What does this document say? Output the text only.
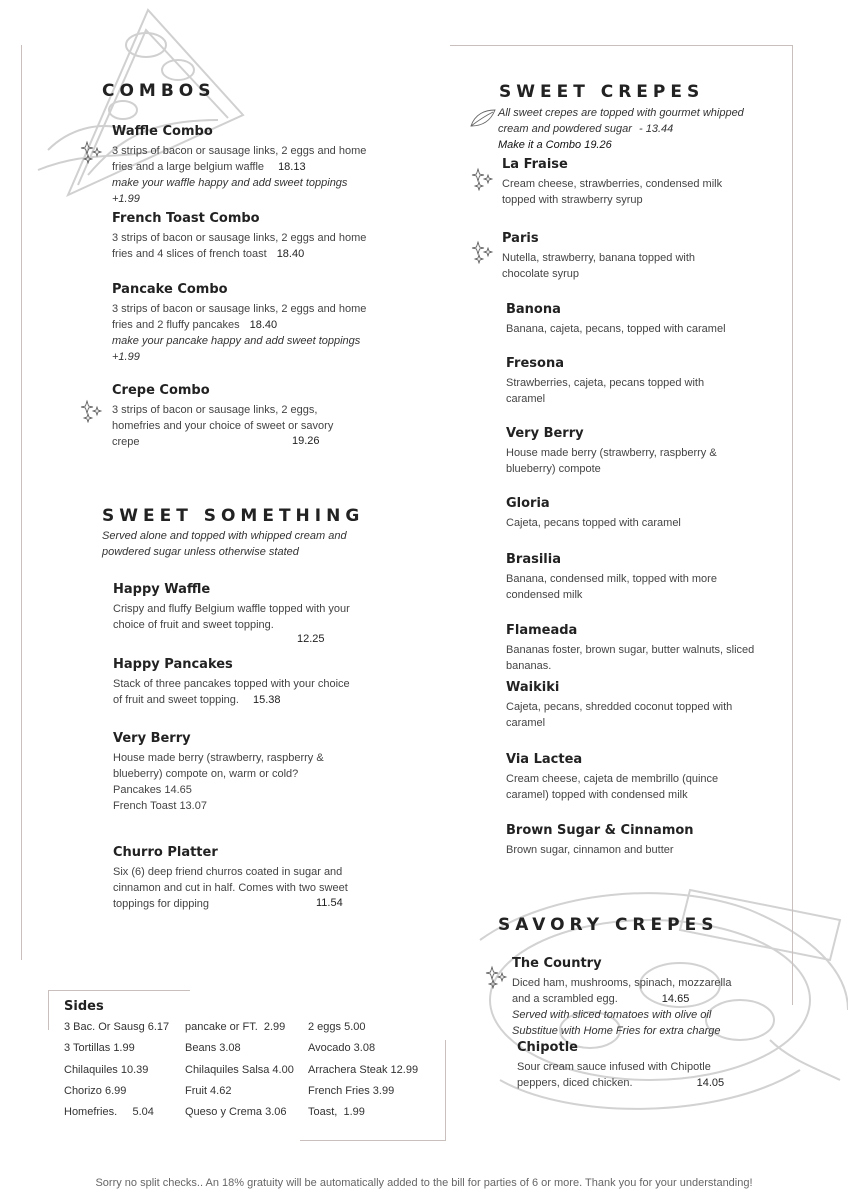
COMBOS
Waffle Combo
3 strips of bacon or sausage links, 2 eggs and home fries and a large belgium waffle 18.13
make your waffle happy and add sweet toppings
+1.99
French Toast Combo
3 strips of bacon or sausage links, 2 eggs and home fries and 4 slices of french toast 18.40
Pancake Combo
3 strips of bacon or sausage links, 2 eggs and home fries and 2 fluffy pancakes 18.40
make your pancake happy and add sweet toppings
+1.99
Crepe Combo
3 strips of bacon or sausage links, 2 eggs, homefries and your choice of sweet or savory crepe	19.26
SWEET SOMETHING
Served alone and topped with whipped cream and powdered sugar unless otherwise stated
Happy Waffle
Crispy and fluffy Belgium waffle topped with your choice of fruit and sweet topping.
12.25
Happy Pancakes
Stack of three pancakes topped with your choice of fruit and sweet topping. 15.38
Very Berry
House made berry (strawberry, raspberry & blueberry) compote on, warm or cold?
Pancakes 14.65
French Toast 13.07
Churro Platter
Six (6) deep friend churros coated in sugar and cinnamon and cut in half. Comes with two sweet toppings for dipping	11.54
SWEET CREPES
All sweet crepes are topped with gourmet whipped cream and powdered sugar - 13.44
Make it a Combo 19.26
La Fraise
Cream cheese, strawberries, condensed milk topped with strawberry syrup
Paris
Nutella, strawberry, banana topped with chocolate syrup
Banona
Banana, cajeta, pecans, topped with caramel
Fresona
Strawberries, cajeta, pecans topped with caramel
Very Berry
House made berry (strawberry, raspberry & blueberry) compote
Gloria
Cajeta, pecans topped with caramel
Brasilia
Banana, condensed milk, topped with more condensed milk
Flameada
Bananas foster, brown sugar, butter walnuts, sliced bananas.
Waikiki
Cajeta, pecans, shredded coconut topped with caramel
Via Lactea
Cream cheese, cajeta de membrillo (quince caramel) topped with condensed milk
Brown Sugar & Cinnamon
Brown sugar, cinnamon and butter
SAVORY CREPES
The Country
Diced ham, mushrooms, spinach, mozzarella and a scrambled egg.	14.65
Served with sliced tomatoes with olive oil
Substitue with Home Fries for extra charge
Chipotle
Sour cream sauce infused with Chipotle peppers, diced chicken.	14.05
Sides
3 Bac. Or Sausg 6.17
3 Tortillas 1.99
Chilaquiles 10.39
Chorizo 6.99
Homefries.     5.04
pancake or FT.  2.99
Beans 3.08
Chilaquiles Salsa 4.00
Fruit 4.62
Queso y Crema 3.06
2 eggs 5.00
Avocado 3.08
Arrachera Steak 12.99
French Fries 3.99
Toast,  1.99
Sorry no split checks.. An 18% gratuity will be automatically added to the bill for parties of 6 or more. Thank you for your understanding!
